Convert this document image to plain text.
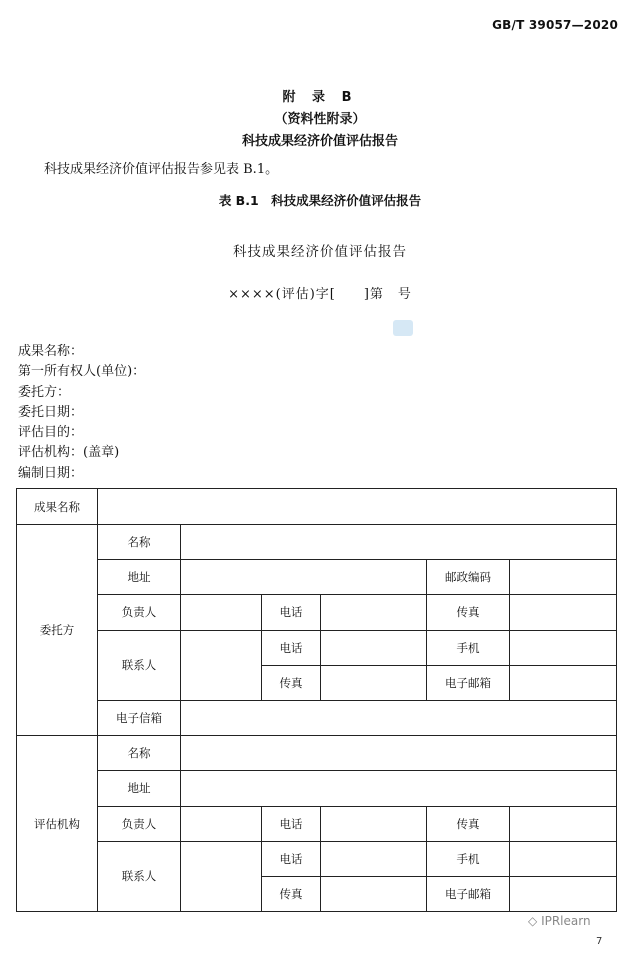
GB/T 39057—2020
附 录 B
（资料性附录）
科技成果经济价值评估报告
科技成果经济价值评估报告参见表 B.1。
表 B.1　科技成果经济价值评估报告
科技成果经济价值评估报告
××××(评估)字[　　]第　号
成果名称：
第一所有权人(单位)：
委托方：
委托日期：
评估目的：
评估机构：(盖章)
编制日期：
成果名称						
委托方	名称					
	地址				邮政编码	
	负责人		电话		传真	
	联系人		电话		手机	
			传真		电子邮箱	
	电子信箱					
评估机构	名称					
	地址					
	负责人		电话		传真	
	联系人		电话		手机	
			传真		电子邮箱	
◇ IPRlearn
7
